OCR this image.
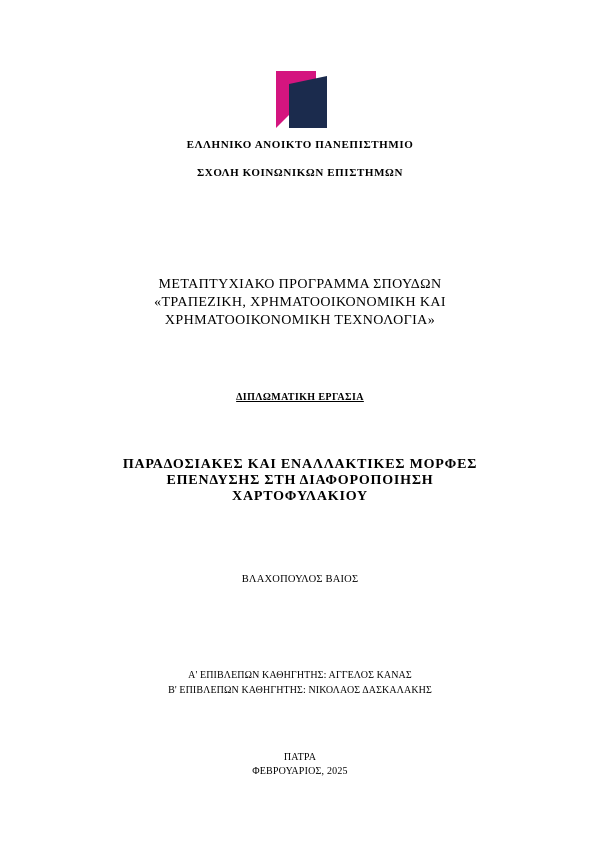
ΕΛΛΗΝΙΚΟ ΑΝΟΙΚΤΟ ΠΑΝΕΠΙΣΤΗΜΙΟ
ΣΧΟΛΗ ΚΟΙΝΩΝΙΚΩΝ ΕΠΙΣΤΗΜΩΝ
ΜΕΤΑΠΤΥΧΙΑΚΟ ΠΡΟΓΡΑΜΜΑ ΣΠΟΥΔΩΝ
«ΤΡΑΠΕΖΙΚΗ, ΧΡΗΜΑΤΟΟΙΚΟΝΟΜΙΚΗ ΚΑΙ
ΧΡΗΜΑΤΟΟΙΚΟΝΟΜΙΚΗ ΤΕΧΝΟΛΟΓΙΑ»
ΔΙΠΛΩΜΑΤΙΚΗ ΕΡΓΑΣΙΑ
ΠΑΡΑΔΟΣΙΑΚΕΣ ΚΑΙ ΕΝΑΛΛΑΚΤΙΚΕΣ ΜΟΡΦΕΣ
ΕΠΕΝΔΥΣΗΣ ΣΤΗ ΔΙΑΦΟΡΟΠΟΙΗΣΗ
ΧΑΡΤΟΦΥΛΑΚΙΟΥ
ΒΛΑΧΟΠΟΥΛΟΣ ΒΑΙΟΣ
Α' ΕΠΙΒΛΕΠΩΝ ΚΑΘΗΓΗΤΗΣ: ΑΓΓΕΛΟΣ ΚΑΝΑΣ
Β' ΕΠΙΒΛΕΠΩΝ ΚΑΘΗΓΗΤΗΣ: ΝΙΚΟΛΑΟΣ ΔΑΣΚΑΛΑΚΗΣ
ΠΑΤΡΑ
ΦΕΒΡΟΥΑΡΙΟΣ, 2025
